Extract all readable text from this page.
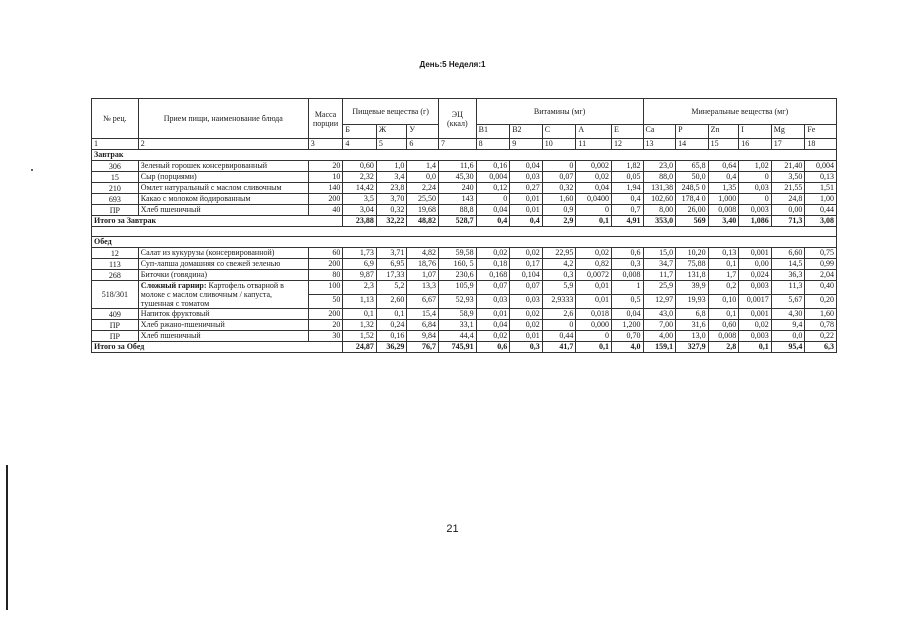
День:5 Неделя:1
№ рец.	Прием пищи, наименование блюда	Масса порции	Пищевые вещества (г)			ЭЦ (ккал)	Витамины (мг)					Минеральные вещества (мг)					
			Б	Ж	У		B1	B2	C	A	E	Ca	P	Zn	I	Mg	Fe
1	2	3	4	5	6	7	8	9	10	11	12	13	14	15	16	17	18
Завтрак																	
306	Зеленый горошек консервированный	20	0,60	1,0	1,4	11,6	0,16	0,04	0	0,002	1,82	23,0	65,8	0,64	1,02	21,40	0,004
15	Сыр (порциями)	10	2,32	3,4	0,0	45,30	0,004	0,03	0,07	0,02	0,05	88,0	50,0	0,4	0	3,50	0,13
210	Омлет натуральный с маслом сливочным	140	14,42	23,8	2,24	240	0,12	0,27	0,32	0,04	1,94	131,38	248,5 0	1,35	0,03	21,55	1,51
693	Какао с молоком йодированным	200	3,5	3,70	25,50	143	0	0,01	1,60	0,0400	0,4	102,60	178,4 0	1,000	0	24,8	1,00
ПР	Хлеб пшеничный	40	3,04	0,32	19,68	88,8	0,04	0,01	0,9	0	0,7	8,00	26,00	0,008	0,003	0,00	0,44
Итого за Завтрак			23,88	32,22	48,82	528,7	0,4	0,4	2,9	0,1	4,91	353,0	569	3,40	1,086	71,3	3,08

Обед																	
12	Салат из кукурузы (консервированной)	60	1,73	3,71	4,82	59,58	0,02	0,02	22,95	0,02	0,6	15,0	10,20	0,13	0,001	6,60	0,75
113	Суп-лапша домашняя со свежей зеленью	200	6,9	6,95	18,76	160, 5	0,18	0,17	4,2	0,82	0,3	34,7	75,88	0,1	0,00	14,5	0,99
268	Биточки (говядина)	80	9,87	17,33	1,07	230,6	0,168	0,104	0,3	0,0072	0,008	11,7	131,8	1,7	0,024	36,3	2,04
518/301	Сложный гарнир: Картофель отварной в молоке с маслом сливочным / капуста, тушенная с томатом	100	2,3	5,2	13,3	105,9	0,07	0,07	5,9	0,01	1	25,9	39,9	0,2	0,003	11,3	0,40
		50	1,13	2,60	6,67	52,93	0,03	0,03	2,9333	0,01	0,5	12,97	19,93	0,10	0,0017	5,67	0,20
409	Напиток фруктовый	200	0,1	0,1	15,4	58,9	0,01	0,02	2,6	0,018	0,04	43,0	6,8	0,1	0,001	4,30	1,60
ПР	Хлеб ржано-пшеничный	20	1,32	0,24	6,84	33,1	0,04	0,02	0	0,000	1,200	7,00	31,6	0,60	0,02	9,4	0,78
ПР	Хлеб пшеничный	30	1,52	0,16	9,84	44,4	0,02	0,01	0,44	0	0,70	4,00	13,0	0,008	0,003	0,0	0,22
Итого за Обед			24,87	36,29	76,7	745,91	0,6	0,3	41,7	0,1	4,0	159,1	327,9	2,8	0,1	95,4	6,3
21
